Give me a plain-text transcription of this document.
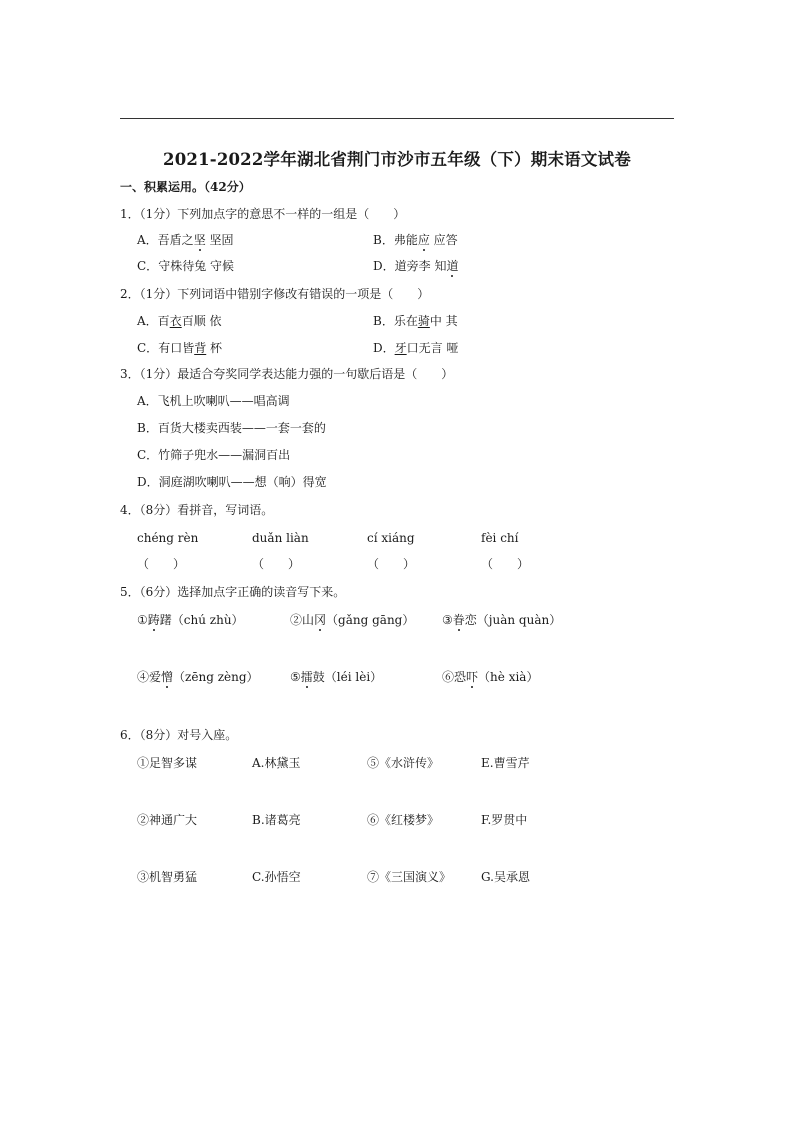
2021-2022学年湖北省荆门市沙市五年级（下）期末语文试卷
一、积累运用。（42分）
1．（1分）下列加点字的意思不一样的一组是（　　）
A．吾盾之坚 坚固	B．弗能应 应答
C．守株待兔 守候	D．道旁李 知道
2．（1分）下列词语中错别字修改有错误的一项是（　　）
A．百衣百顺 依	B．乐在骑中 其
C．有口皆背 杯	D．牙口无言 哑
3．（1分）最适合夸奖同学表达能力强的一句歇后语是（　　）
A．飞机上吹喇叭——唱高调
B．百货大楼卖西装——一套一套的
C．竹筛子兜水——漏洞百出
D．洞庭湖吹喇叭——想（响）得宽
4．（8分）看拼音，写词语。
chéng rèn	duǎn liàn	cí xiáng	fèi chí
（　　）	（　　）	（　　）	（　　）
5．（6分）选择加点字正确的读音写下来。
①踌躇（chú zhù）	②山冈（gǎng gāng） ③眷恋（juàn quàn）
④爱憎（zēng zèng）	⑤擂鼓（léi lèi）	⑥恐吓（hè xià）
6．（8分）对号入座。
①足智多谋	A.林黛玉	⑤《水浒传》	E.曹雪芹
②神通广大	B.诸葛亮	⑥《红楼梦》	F.罗贯中
③机智勇猛	C.孙悟空	⑦《三国演义》 G.吴承恩
